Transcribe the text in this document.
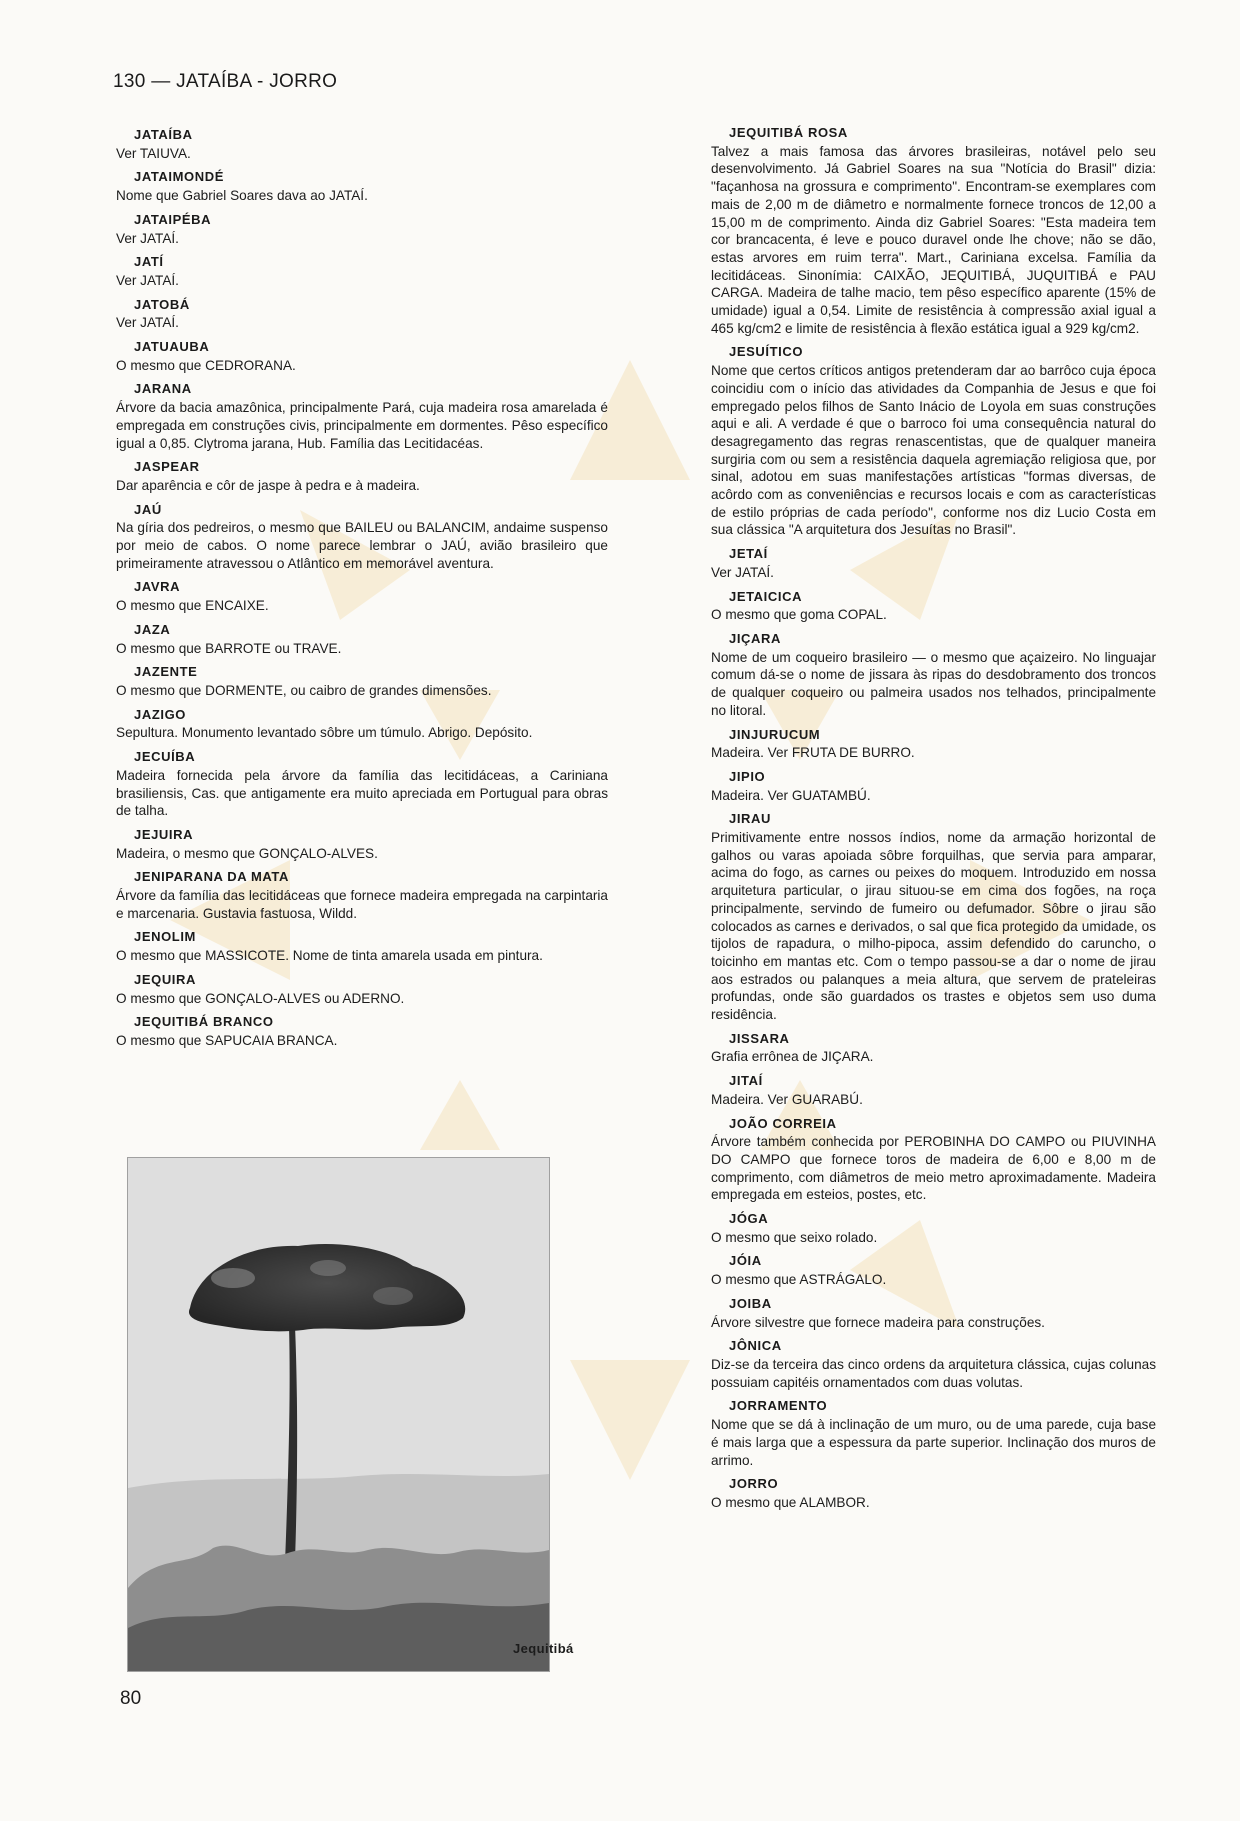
130 — JATAÍBA - JORRO
JATAÍBA
Ver TAIUVA.
JATAIMONDÉ
Nome que Gabriel Soares dava ao JATAÍ.
JATAIPÉBA
Ver JATAÍ.
JATÍ
Ver JATAÍ.
JATOBÁ
Ver JATAÍ.
JATUAUBA
O mesmo que CEDRORANA.
JARANA
Árvore da bacia amazônica, principalmente Pará, cuja madeira rosa amarelada é empregada em construções civis, principalmente em dormentes. Pêso específico igual a 0,85. Clytroma jarana, Hub. Família das Lecitidacéas.
JASPEAR
Dar aparência e côr de jaspe à pedra e à madeira.
JAÚ
Na gíria dos pedreiros, o mesmo que BAILEU ou BALANCIM, andaime suspenso por meio de cabos. O nome parece lembrar o JAÚ, avião brasileiro que primeiramente atravessou o Atlântico em memorável aventura.
JAVRA
O mesmo que ENCAIXE.
JAZA
O mesmo que BARROTE ou TRAVE.
JAZENTE
O mesmo que DORMENTE, ou caibro de grandes dimensões.
JAZIGO
Sepultura. Monumento levantado sôbre um túmulo. Abrigo. Depósito.
JECUÍBA
Madeira fornecida pela árvore da família das lecitidáceas, a Cariniana brasiliensis, Cas. que antigamente era muito apreciada em Portugual para obras de talha.
JEJUIRA
Madeira, o mesmo que GONÇALO-ALVES.
JENIPARANA DA MATA
Árvore da família das lecitidáceas que fornece madeira empregada na carpintaria e marcenaria. Gustavia fastuosa, Wildd.
JENOLIM
O mesmo que MASSICOTE. Nome de tinta amarela usada em pintura.
JEQUIRA
O mesmo que GONÇALO-ALVES ou ADERNO.
JEQUITIBÁ BRANCO
O mesmo que SAPUCAIA BRANCA.
JEQUITIBÁ ROSA
Talvez a mais famosa das árvores brasileiras, notável pelo seu desenvolvimento. Já Gabriel Soares na sua "Notícia do Brasil" dizia: "façanhosa na grossura e comprimento". Encontram-se exemplares com mais de 2,00 m de diâmetro e normalmente fornece troncos de 12,00 a 15,00 m de comprimento. Ainda diz Gabriel Soares: "Esta madeira tem cor brancacenta, é leve e pouco duravel onde lhe chove; não se dão, estas arvores em ruim terra". Mart., Cariniana excelsa. Família da lecitidáceas. Sinonímia: CAIXÃO, JEQUITIBÁ, JUQUITIBÁ e PAU CARGA. Madeira de talhe macio, tem pêso específico aparente (15% de umidade) igual a 0,54. Limite de resistência à compressão axial igual a 465 kg/cm2 e limite de resistência à flexão estática igual a 929 kg/cm2.
JESUÍTICO
Nome que certos críticos antigos pretenderam dar ao barrôco cuja época coincidiu com o início das atividades da Companhia de Jesus e que foi empregado pelos filhos de Santo Inácio de Loyola em suas construções aqui e ali. A verdade é que o barroco foi uma consequência natural do desagregamento das regras renascentistas, que de qualquer maneira surgiria com ou sem a resistência daquela agremiação religiosa que, por sinal, adotou em suas manifestações artísticas "formas diversas, de acôrdo com as conveniências e recursos locais e com as características de estilo próprias de cada período", conforme nos diz Lucio Costa em sua clássica "A arquitetura dos Jesuítas no Brasil".
JETAÍ
Ver JATAÍ.
JETAICICA
O mesmo que goma COPAL.
JIÇARA
Nome de um coqueiro brasileiro — o mesmo que açaizeiro. No linguajar comum dá-se o nome de jissara às ripas do desdobramento dos troncos de qualquer coqueiro ou palmeira usados nos telhados, principalmente no litoral.
JINJURUCUM
Madeira. Ver FRUTA DE BURRO.
JIPIO
Madeira. Ver GUATAMBÚ.
JIRAU
Primitivamente entre nossos índios, nome da armação horizontal de galhos ou varas apoiada sôbre forquilhas, que servia para amparar, acima do fogo, as carnes ou peixes do moquem. Introduzido em nossa arquitetura particular, o jirau situou-se em cima dos fogões, na roça principalmente, servindo de fumeiro ou defumador. Sôbre o jirau são colocados as carnes e derivados, o sal que fica protegido da umidade, os tijolos de rapadura, o milho-pipoca, assim defendido do caruncho, o toicinho em mantas etc. Com o tempo passou-se a dar o nome de jirau aos estrados ou palanques a meia altura, que servem de prateleiras profundas, onde são guardados os trastes e objetos sem uso duma residência.
JISSARA
Grafia errônea de JIÇARA.
JITAÍ
Madeira. Ver GUARABÚ.
JOÃO CORREIA
Árvore também conhecida por PEROBINHA DO CAMPO ou PIUVINHA DO CAMPO que fornece toros de madeira de 6,00 e 8,00 m de comprimento, com diâmetros de meio metro aproximadamente. Madeira empregada em esteios, postes, etc.
JÓGA
O mesmo que seixo rolado.
JÓIA
O mesmo que ASTRÁGALO.
JOIBA
Árvore silvestre que fornece madeira para construções.
JÔNICA
Diz-se da terceira das cinco ordens da arquitetura clássica, cujas colunas possuiam capitéis ornamentados com duas volutas.
JORRAMENTO
Nome que se dá à inclinação de um muro, ou de uma parede, cuja base é mais larga que a espessura da parte superior. Inclinação dos muros de arrimo.
JORRO
O mesmo que ALAMBOR.
Jequitibá
80
